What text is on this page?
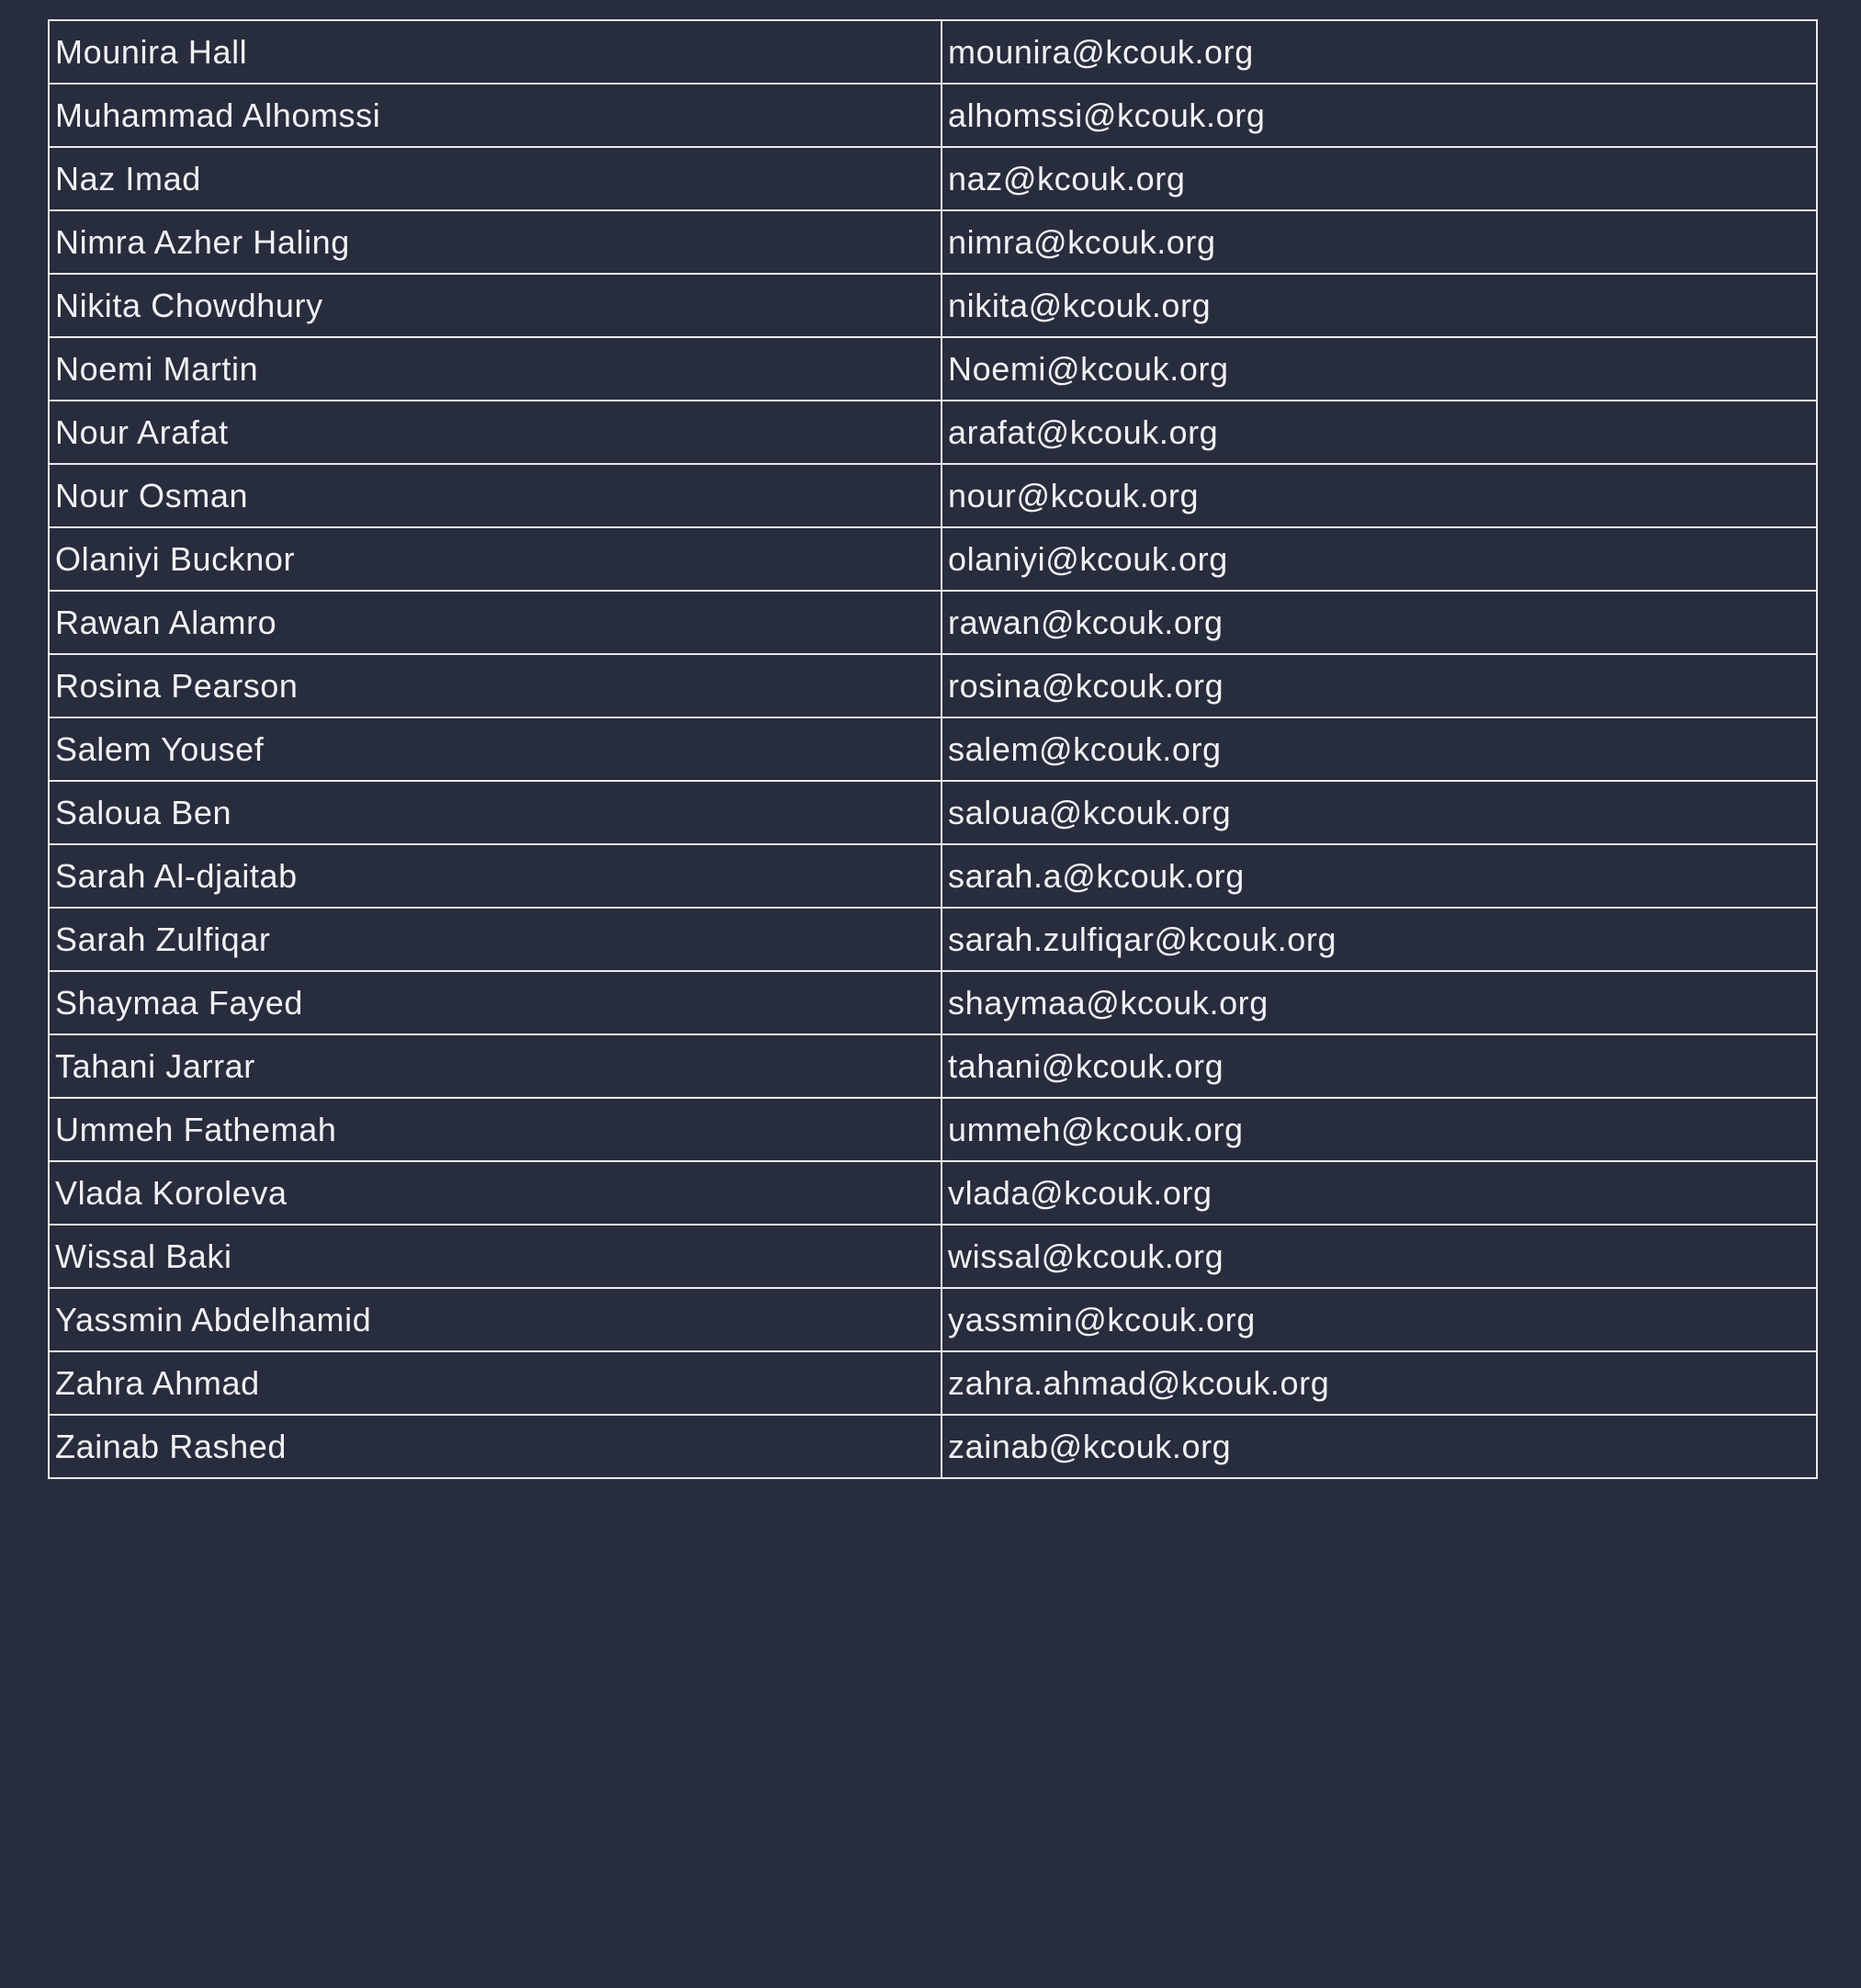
Mounira Hall	mounira@kcouk.org
Muhammad Alhomssi	alhomssi@kcouk.org
Naz Imad	naz@kcouk.org
Nimra Azher Haling	nimra@kcouk.org
Nikita Chowdhury	nikita@kcouk.org
Noemi Martin	Noemi@kcouk.org
Nour Arafat	arafat@kcouk.org
Nour Osman	nour@kcouk.org
Olaniyi Bucknor	olaniyi@kcouk.org
Rawan Alamro	rawan@kcouk.org
Rosina Pearson	rosina@kcouk.org
Salem Yousef	salem@kcouk.org
Saloua Ben	saloua@kcouk.org
Sarah Al-djaitab	sarah.a@kcouk.org
Sarah Zulfiqar	sarah.zulfiqar@kcouk.org
Shaymaa Fayed	shaymaa@kcouk.org
Tahani Jarrar	tahani@kcouk.org
Ummeh Fathemah	ummeh@kcouk.org
Vlada Koroleva	vlada@kcouk.org
Wissal Baki	wissal@kcouk.org
Yassmin Abdelhamid	yassmin@kcouk.org
Zahra Ahmad	zahra.ahmad@kcouk.org
Zainab Rashed	zainab@kcouk.org
